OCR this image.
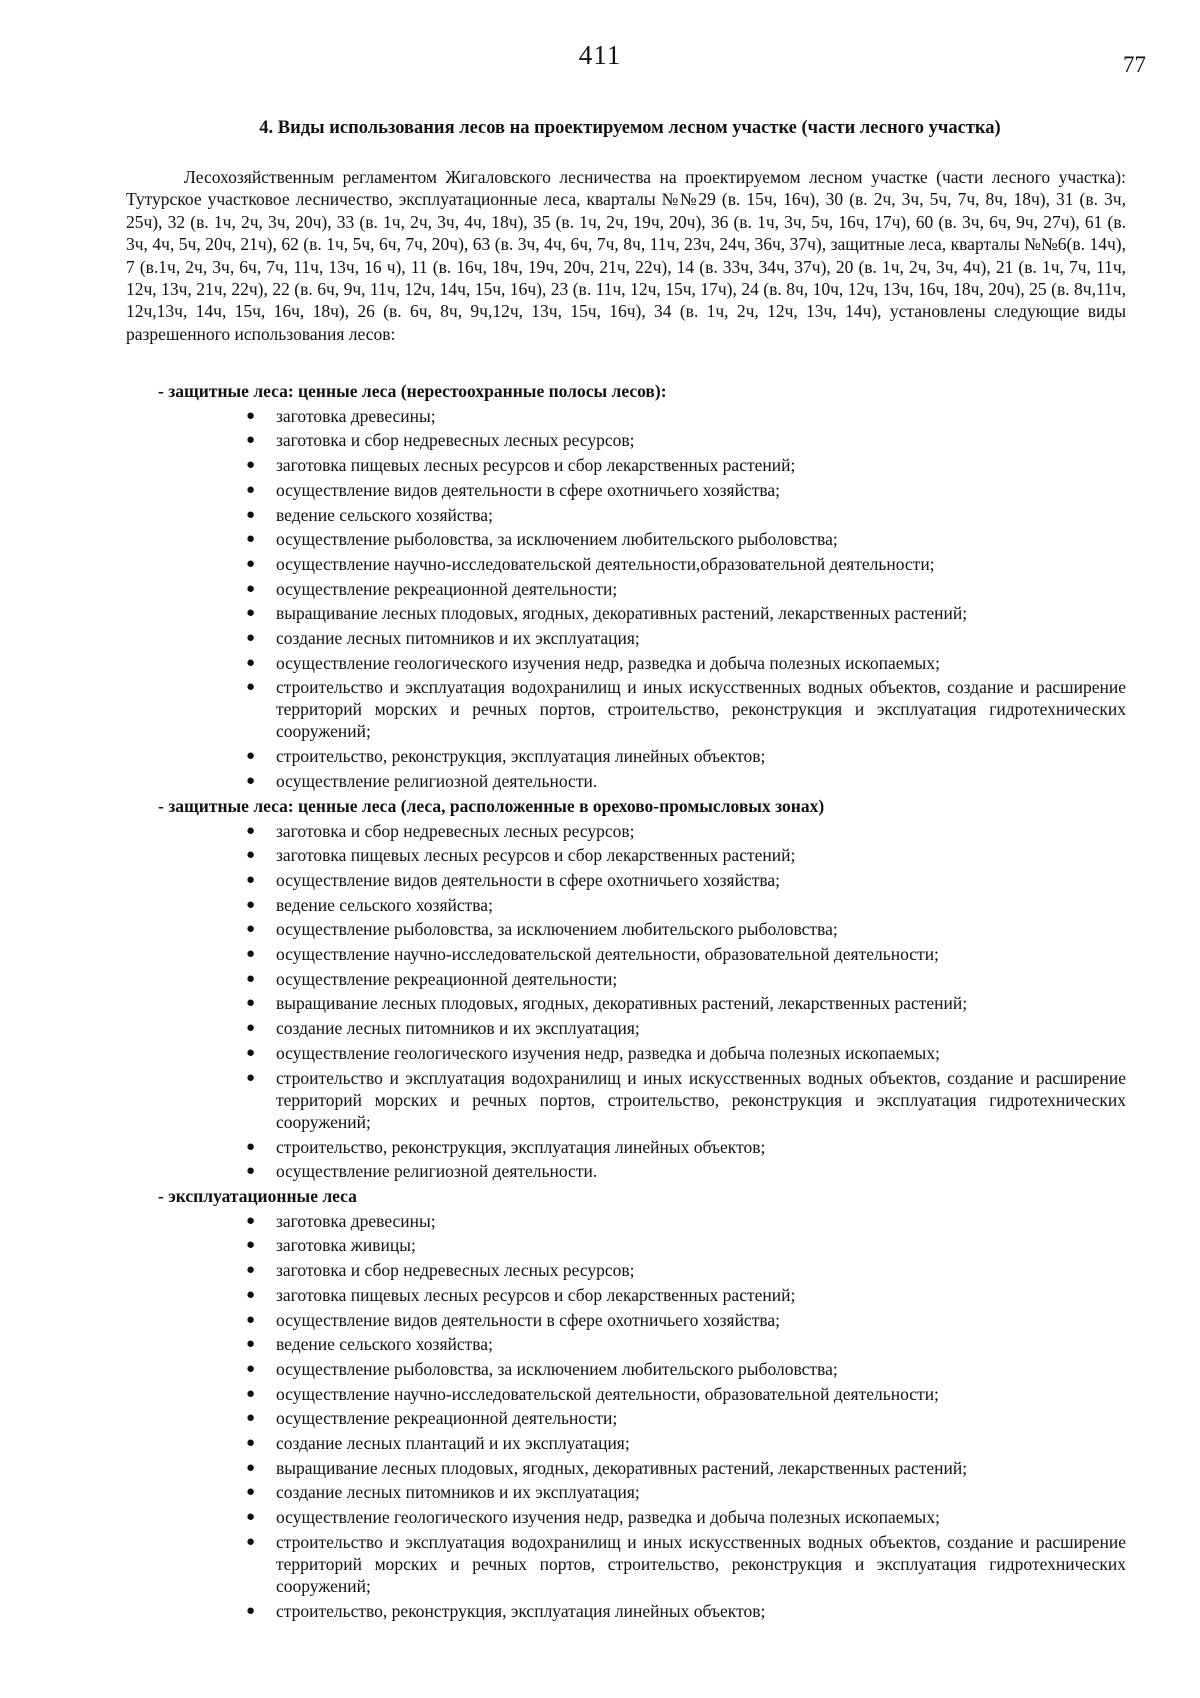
411	77
4. Виды использования лесов на проектируемом лесном участке (части лесного участка)

Лесохозяйственным регламентом Жигаловского лесничества на проектируемом лесном участке (части лесного участка): Тутурское участковое лесничество, эксплуатационные леса, кварталы №№29 (в. 15ч, 16ч), 30 (в. 2ч, 3ч, 5ч, 7ч, 8ч, 18ч), 31 (в. 3ч, 25ч), 32 (в. 1ч, 2ч, 3ч, 20ч), 33 (в. 1ч, 2ч, 3ч, 4ч, 18ч), 35 (в. 1ч, 2ч, 19ч, 20ч), 36 (в. 1ч, 3ч, 5ч, 16ч, 17ч), 60 (в. 3ч, 6ч, 9ч, 27ч), 61 (в. 3ч, 4ч, 5ч, 20ч, 21ч), 62 (в. 1ч, 5ч, 6ч, 7ч, 20ч), 63 (в. 3ч, 4ч, 6ч, 7ч, 8ч, 11ч, 23ч, 24ч, 36ч, 37ч), защитные леса, кварталы №№6(в. 14ч), 7 (в.1ч, 2ч, 3ч, 6ч, 7ч, 11ч, 13ч, 16 ч), 11 (в. 16ч, 18ч, 19ч, 20ч, 21ч, 22ч), 14 (в. 33ч, 34ч, 37ч), 20 (в. 1ч, 2ч, 3ч, 4ч), 21 (в. 1ч, 7ч, 11ч, 12ч, 13ч, 21ч, 22ч), 22 (в. 6ч, 9ч, 11ч, 12ч, 14ч, 15ч, 16ч), 23 (в. 11ч, 12ч, 15ч, 17ч), 24 (в. 8ч, 10ч, 12ч, 13ч, 16ч, 18ч, 20ч), 25 (в. 8ч,11ч, 12ч,13ч, 14ч, 15ч, 16ч, 18ч), 26 (в. 6ч, 8ч, 9ч,12ч, 13ч, 15ч, 16ч), 34 (в. 1ч, 2ч, 12ч, 13ч, 14ч), установлены следующие виды разрешенного использования лесов:

- защитные леса: ценные леса (нерестоохранные полосы лесов):

● заготовка древесины;
● заготовка и сбор недревесных лесных ресурсов;
● заготовка пищевых лесных ресурсов и сбор лекарственных растений;
● осуществление видов деятельности в сфере охотничьего хозяйства;
● ведение сельского хозяйства;
● осуществление рыболовства, за исключением любительского рыболовства;
● осуществление научно-исследовательской деятельности,образовательной деятельности;
● осуществление рекреационной деятельности;
● выращивание лесных плодовых, ягодных, декоративных растений, лекарственных растений;
● создание лесных питомников и их эксплуатация;
● осуществление геологического изучения недр, разведка и добыча полезных ископаемых;
● строительство и эксплуатация водохранилищ и иных искусственных водных объектов, создание и расширение территорий морских и речных портов, строительство, реконструкция и эксплуатация гидротехнических сооружений;
● строительство, реконструкция, эксплуатация линейных объектов;
● осуществление религиозной деятельности.

- защитные леса: ценные леса (леса, расположенные в орехово-промысловых зонах)

● заготовка и сбор недревесных лесных ресурсов;
● заготовка пищевых лесных ресурсов и сбор лекарственных растений;
● осуществление видов деятельности в сфере охотничьего хозяйства;
● ведение сельского хозяйства;
● осуществление рыболовства, за исключением любительского рыболовства;
● осуществление научно-исследовательской деятельности, образовательной деятельности;
● осуществление рекреационной деятельности;
● выращивание лесных плодовых, ягодных, декоративных растений, лекарственных растений;
● создание лесных питомников и их эксплуатация;
● осуществление геологического изучения недр, разведка и добыча полезных ископаемых;
● строительство и эксплуатация водохранилищ и иных искусственных водных объектов, создание и расширение территорий морских и речных портов, строительство, реконструкция и эксплуатация гидротехнических сооружений;
● строительство, реконструкция, эксплуатация линейных объектов;
● осуществление религиозной деятельности.

- эксплуатационные леса

● заготовка древесины;
● заготовка живицы;
● заготовка и сбор недревесных лесных ресурсов;
● заготовка пищевых лесных ресурсов и сбор лекарственных растений;
● осуществление видов деятельности в сфере охотничьего хозяйства;
● ведение сельского хозяйства;
● осуществление рыболовства, за исключением любительского рыболовства;
● осуществление научно-исследовательской деятельности, образовательной деятельности;
● осуществление рекреационной деятельности;
● создание лесных плантаций и их эксплуатация;
● выращивание лесных плодовых, ягодных, декоративных растений, лекарственных растений;
● создание лесных питомников и их эксплуатация;
● осуществление геологического изучения недр, разведка и добыча полезных ископаемых;
● строительство и эксплуатация водохранилищ и иных искусственных водных объектов, создание и расширение территорий морских и речных портов, строительство, реконструкция и эксплуатация гидротехнических сооружений;
● строительство, реконструкция, эксплуатация линейных объектов;
